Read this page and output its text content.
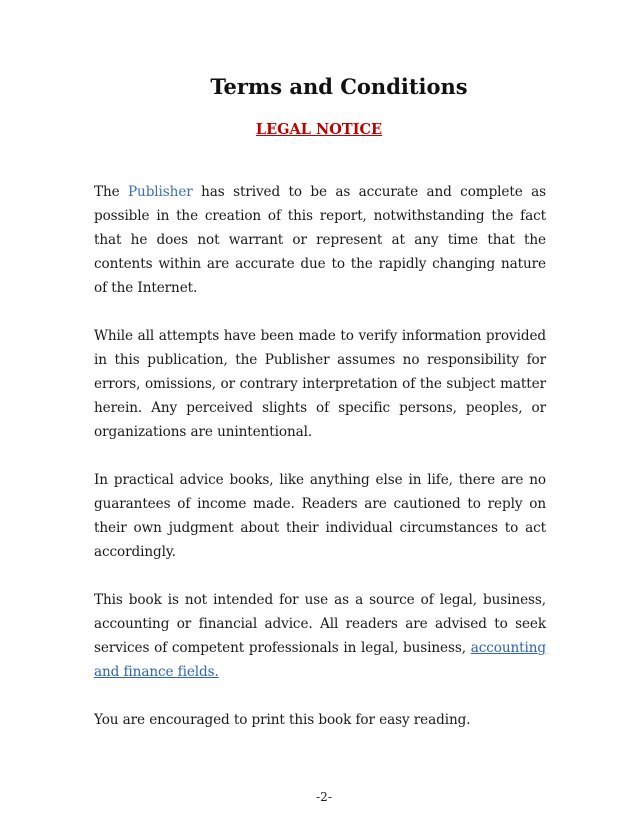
Terms and Conditions
LEGAL NOTICE

The Publisher has strived to be as accurate and complete as possible in the creation of this report, notwithstanding the fact that he does not warrant or represent at any time that the contents within are accurate due to the rapidly changing nature of the Internet.

While all attempts have been made to verify information provided in this publication, the Publisher assumes no responsibility for errors, omissions, or contrary interpretation of the subject matter herein. Any perceived slights of specific persons, peoples, or organizations are unintentional.

In practical advice books, like anything else in life, there are no guarantees of income made. Readers are cautioned to reply on their own judgment about their individual circumstances to act accordingly.

This book is not intended for use as a source of legal, business, accounting or financial advice. All readers are advised to seek services of competent professionals in legal, business, accounting and finance fields.

You are encouraged to print this book for easy reading.

-2-
